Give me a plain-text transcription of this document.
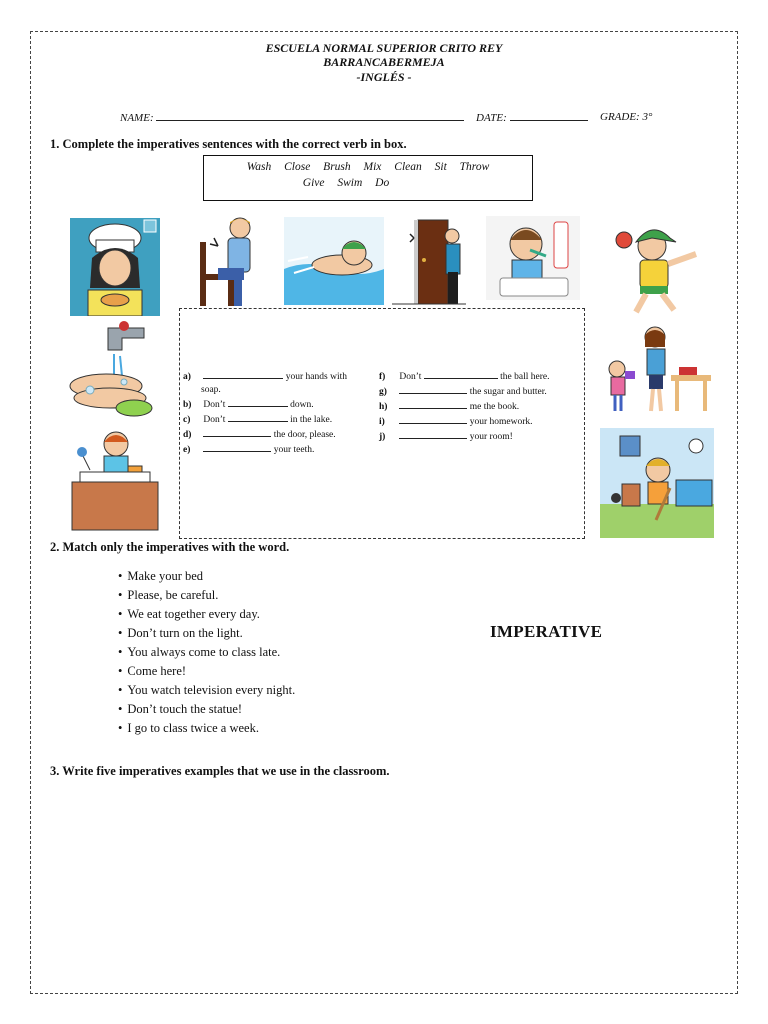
ESCUELA NORMAL SUPERIOR CRITO REY
BARRANCABERMEJA
-INGLÉS -
NAME:	DATE:	GRADE: 3°
1. Complete the imperatives sentences with the correct verb in box.
Wash Close Brush Mix Clean Sit Throw
Give Swim Do
a)	your hands with
soap.
b) Don’t	down.
c) Don’t	in the lake.
d)	the door, please.
e)	your teeth.
f) Don’t	the ball here.
g)	the sugar and butter.
h)	me the book.
i)	your homework.
j)	your room!
2. Match only the imperatives with the word.
• Make your bed
• Please, be careful.
• We eat together every day.
• Don’t turn on the light.
• You always come to class late.
• Come here!
• You watch television every night.
• Don’t touch the statue!
• I go to class twice a week.
IMPERATIVE
3. Write five imperatives examples that we use in the classroom.
